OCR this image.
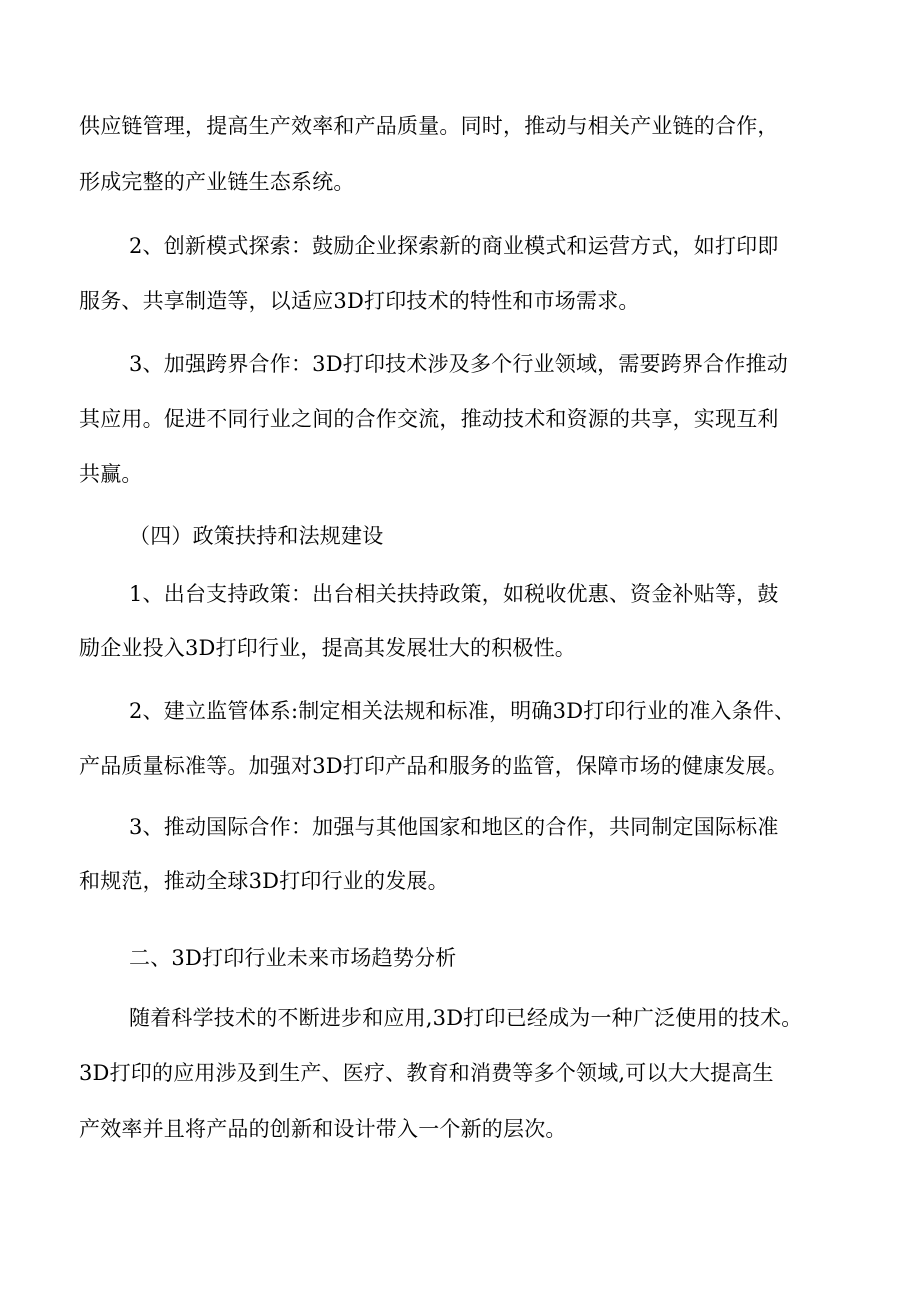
供应链管理，提高生产效率和产品质量。同时，推动与相关产业链的合作，
形成完整的产业链生态系统。
2、创新模式探索：鼓励企业探索新的商业模式和运营方式，如打印即
服务、共享制造等，以适应3D打印技术的特性和市场需求。
3、加强跨界合作：3D打印技术涉及多个行业领域，需要跨界合作推动
其应用。促进不同行业之间的合作交流，推动技术和资源的共享，实现互利
共赢。
（四）政策扶持和法规建设
1、出台支持政策：出台相关扶持政策，如税收优惠、资金补贴等，鼓
励企业投入3D打印行业，提高其发展壮大的积极性。
2、建立监管体系:制定相关法规和标准，明确3D打印行业的准入条件、
产品质量标准等。加强对3D打印产品和服务的监管，保障市场的健康发展。
3、推动国际合作：加强与其他国家和地区的合作，共同制定国际标准
和规范，推动全球3D打印行业的发展。
二、3D打印行业未来市场趋势分析
随着科学技术的不断进步和应用,3D打印已经成为一种广泛使用的技术。
3D打印的应用涉及到生产、医疗、教育和消费等多个领域,可以大大提高生
产效率并且将产品的创新和设计带入一个新的层次。
